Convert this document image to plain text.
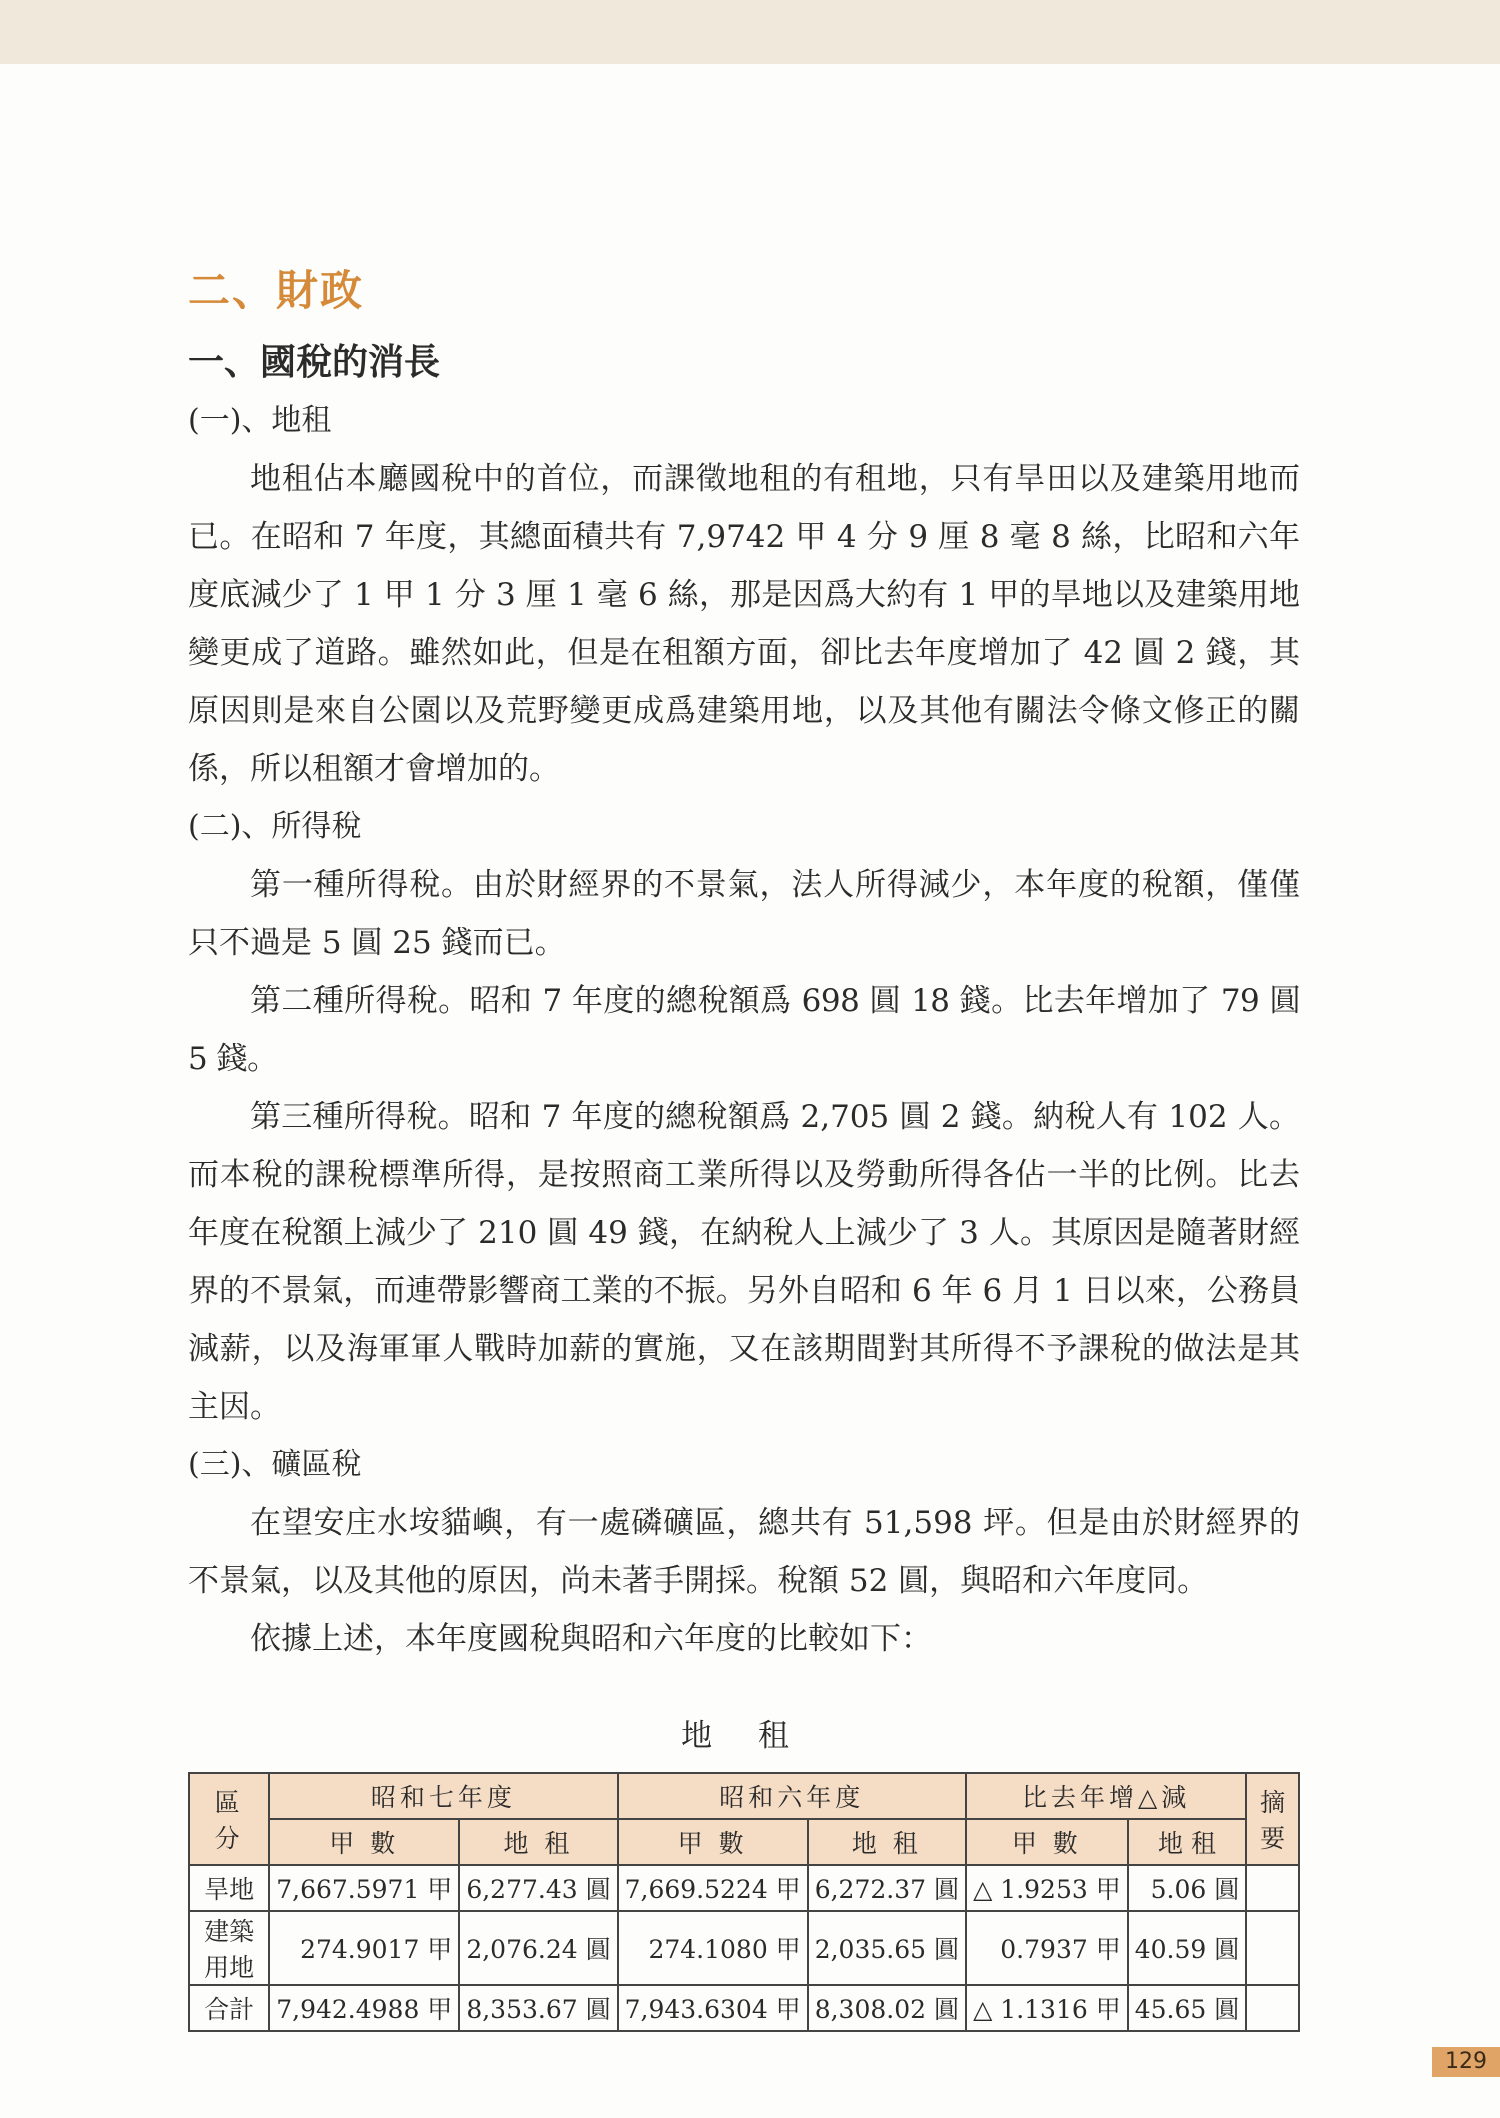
二、財政
一、國稅的消長
(一)、地租

地租佔本廳國稅中的首位，而課徵地租的有租地，只有旱田以及建築用地而已。在昭和 7 年度，其總面積共有 7,9742 甲 4 分 9 厘 8 毫 8 絲，比昭和六年度底減少了 1 甲 1 分 3 厘 1 毫 6 絲，那是因爲大約有 1 甲的旱地以及建築用地變更成了道路。雖然如此，但是在租額方面，卻比去年度增加了 42 圓 2 錢，其原因則是來自公園以及荒野變更成爲建築用地，以及其他有關法令條文修正的關係，所以租額才會增加的。

(二)、所得稅

第一種所得稅。由於財經界的不景氣，法人所得減少，本年度的稅額，僅僅只不過是 5 圓 25 錢而已。

第二種所得稅。昭和 7 年度的總稅額爲 698 圓 18 錢。比去年增加了 79 圓 5 錢。

第三種所得稅。昭和 7 年度的總稅額爲 2,705 圓 2 錢。納稅人有 102 人。而本稅的課稅標準所得，是按照商工業所得以及勞動所得各佔一半的比例。比去年度在稅額上減少了 210 圓 49 錢，在納稅人上減少了 3 人。其原因是隨著財經界的不景氣，而連帶影響商工業的不振。另外自昭和 6 年 6 月 1 日以來，公務員減薪，以及海軍軍人戰時加薪的實施，又在該期間對其所得不予課稅的做法是其主因。

(三)、礦區稅

在望安庄水垵貓嶼，有一處磷礦區，總共有 51,598 坪。但是由於財經界的不景氣，以及其他的原因，尚未著手開採。稅額 52 圓，與昭和六年度同。

依據上述，本年度國稅與昭和六年度的比較如下：

地 租
區 分	昭和七年度		昭和六年度		比去年增△減		摘要
	甲 數	地 租	甲 數	地 租	甲 數	地 租	
旱地	7,667.5971 甲	6,277.43 圓	7,669.5224 甲	6,272.37 圓	△ 1.9253 甲	5.06 圓	
建築用地	274.9017 甲	2,076.24 圓	274.1080 甲	2,035.65 圓	0.7937 甲	40.59 圓	
合計	7,942.4988 甲	8,353.67 圓	7,943.6304 甲	8,308.02 圓	△ 1.1316 甲	45.65 圓	
129
